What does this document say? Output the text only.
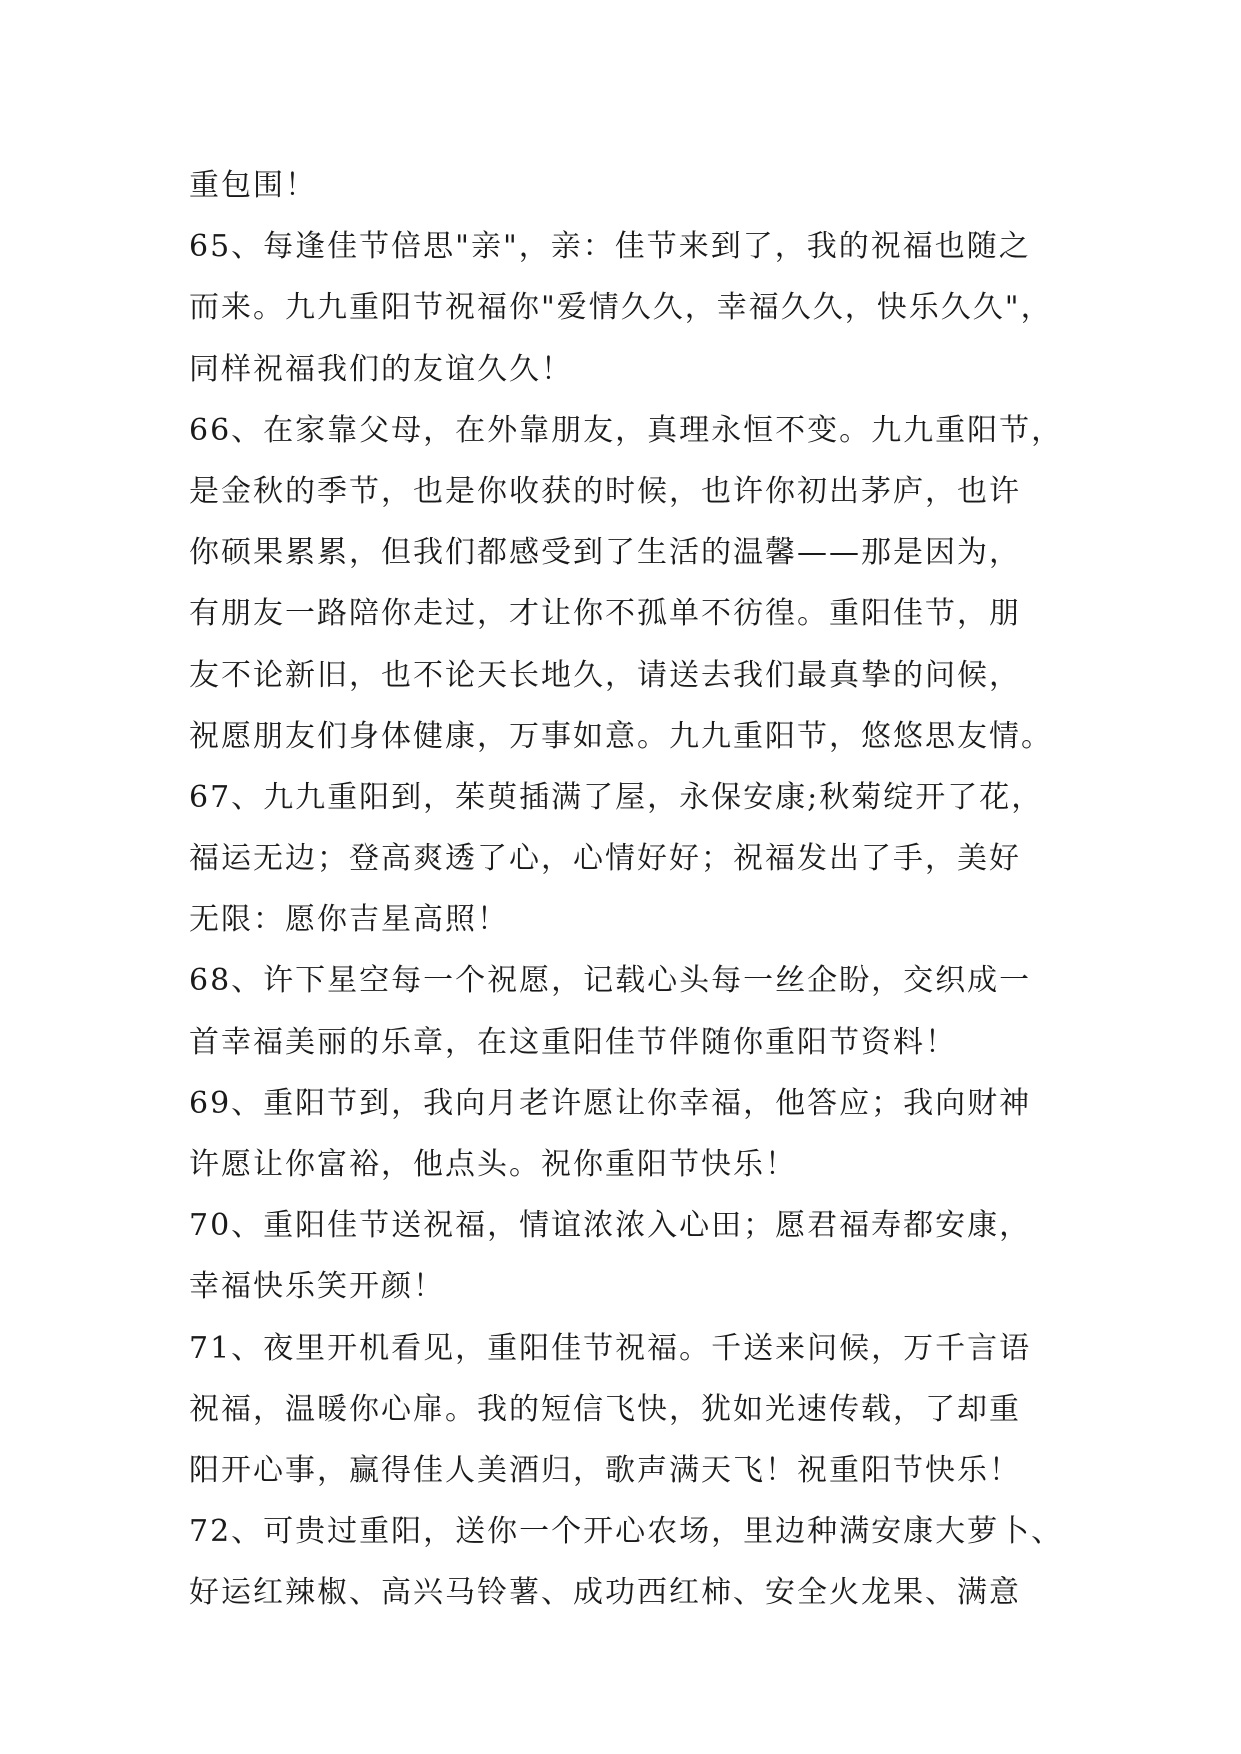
重包围！
65、每逢佳节倍思"亲"，亲：佳节来到了，我的祝福也随之
而来。九九重阳节祝福你"爱情久久，幸福久久，快乐久久"，
同样祝福我们的友谊久久！
66、在家靠父母，在外靠朋友，真理永恒不变。九九重阳节，
是金秋的季节，也是你收获的时候，也许你初出茅庐，也许
你硕果累累，但我们都感受到了生活的温馨——那是因为，
有朋友一路陪你走过，才让你不孤单不彷徨。重阳佳节，朋
友不论新旧，也不论天长地久，请送去我们最真挚的问候，
祝愿朋友们身体健康，万事如意。九九重阳节，悠悠思友情。
67、九九重阳到，茱萸插满了屋，永保安康;秋菊绽开了花，
福运无边；登高爽透了心，心情好好；祝福发出了手，美好
无限：愿你吉星高照！
68、许下星空每一个祝愿，记载心头每一丝企盼，交织成一
首幸福美丽的乐章，在这重阳佳节伴随你重阳节资料！
69、重阳节到，我向月老许愿让你幸福，他答应；我向财神
许愿让你富裕，他点头。祝你重阳节快乐！
70、重阳佳节送祝福，情谊浓浓入心田；愿君福寿都安康，
幸福快乐笑开颜！
71、夜里开机看见，重阳佳节祝福。千送来问候，万千言语
祝福，温暖你心扉。我的短信飞快，犹如光速传载，了却重
阳开心事，赢得佳人美酒归，歌声满天飞！祝重阳节快乐！
72、可贵过重阳，送你一个开心农场，里边种满安康大萝卜、
好运红辣椒、高兴马铃薯、成功西红柿、安全火龙果、满意
